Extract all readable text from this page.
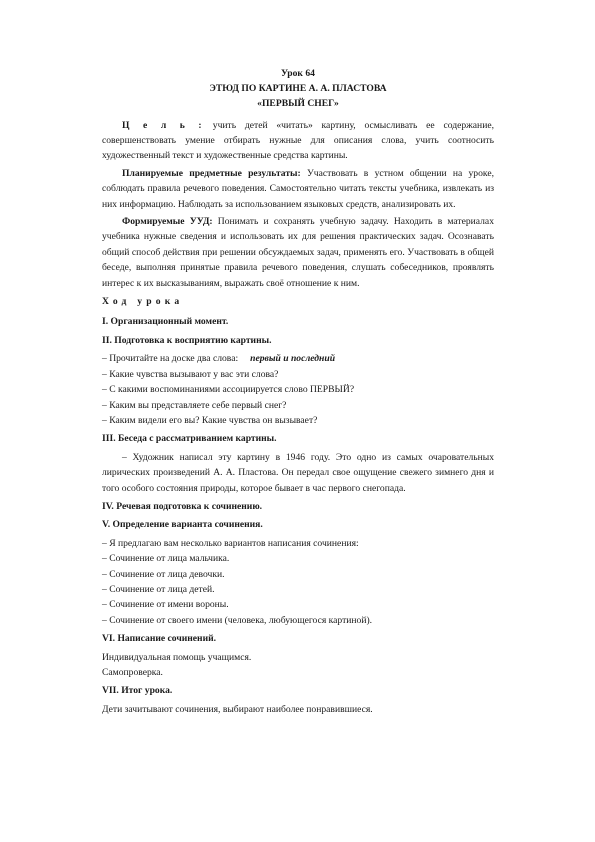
Урок 64
ЭТЮД ПО КАРТИНЕ А. А. ПЛАСТОВА
«ПЕРВЫЙ СНЕГ»

Ц е л ь : учить детей «читать» картину, осмысливать ее содержание, совершенствовать умение отбирать нужные для описания слова, учить соотносить художественный текст и художественные средства картины.

Планируемые предметные результаты: Участвовать в устном общении на уроке, соблюдать правила речевого поведения. Самостоятельно читать тексты учебника, извлекать из них информацию. Наблюдать за использованием языковых средств, анализировать их.

Формируемые УУД: Понимать и сохранять учебную задачу. Находить в материалах учебника нужные сведения и использовать их для решения практических задач. Осознавать общий способ действия при решении обсуждаемых задач, применять его. Участвовать в общей беседе, выполняя принятые правила речевого поведения, слушать собеседников, проявлять интерес к их высказываниям, выражать своё отношение к ним.

Ход урока
I. Организационный момент.
II. Подготовка к восприятию картины.
– Прочитайте на доске два слова: первый и последний
– Какие чувства вызывают у вас эти слова?
– С какими воспоминаниями ассоциируется слово ПЕРВЫЙ?
– Каким вы представляете себе первый снег?
– Каким видели его вы? Какие чувства он вызывает?
III. Беседа с рассматриванием картины.

– Художник написал эту картину в 1946 году. Это одно из самых очаровательных лирических произведений А. А. Пластова. Он передал свое ощущение свежего зимнего дня и того особого состояния природы, которое бывает в час первого снегопада.

IV. Речевая подготовка к сочинению.
V. Определение варианта сочинения.
– Я предлагаю вам несколько вариантов написания сочинения:
– Сочинение от лица мальчика.
– Сочинение от лица девочки.
– Сочинение от лица детей.
– Сочинение от имени вороны.
– Сочинение от своего имени (человека, любующегося картиной).
VI. Написание сочинений.
Индивидуальная помощь учащимся.
Самопроверка.
VII. Итог урока.
Дети зачитывают сочинения, выбирают наиболее понравившиеся.
